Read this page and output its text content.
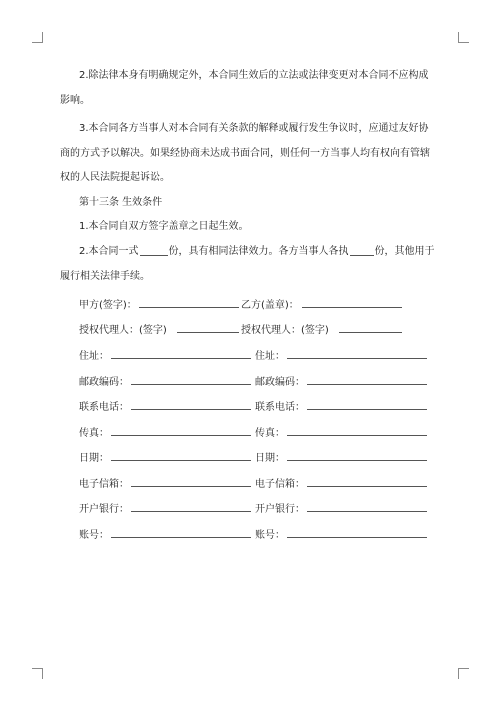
2.除法律本身有明确规定外，本合同生效后的立法或法律变更对本合同不应构成
影响。
3.本合同各方当事人对本合同有关条款的解释或履行发生争议时，应通过友好协
商的方式予以解决。如果经协商未达成书面合同，则任何一方当事人均有权向有管辖
权的人民法院提起诉讼。
第十三条 生效条件
1.本合同自双方签字盖章之日起生效。
2.本合同一式	份，具有相同法律效力。各方当事人各执	份，其他用于
履行相关法律手续。
甲方(签字)：	乙方(盖章)：
授权代理人：(签字)	授权代理人：(签字)
住址：	住址：
邮政编码：	邮政编码：
联系电话：	联系电话：
传真：	传真：
日期：	日期：
电子信箱：	电子信箱：
开户银行：	开户银行：
账号：	账号：
